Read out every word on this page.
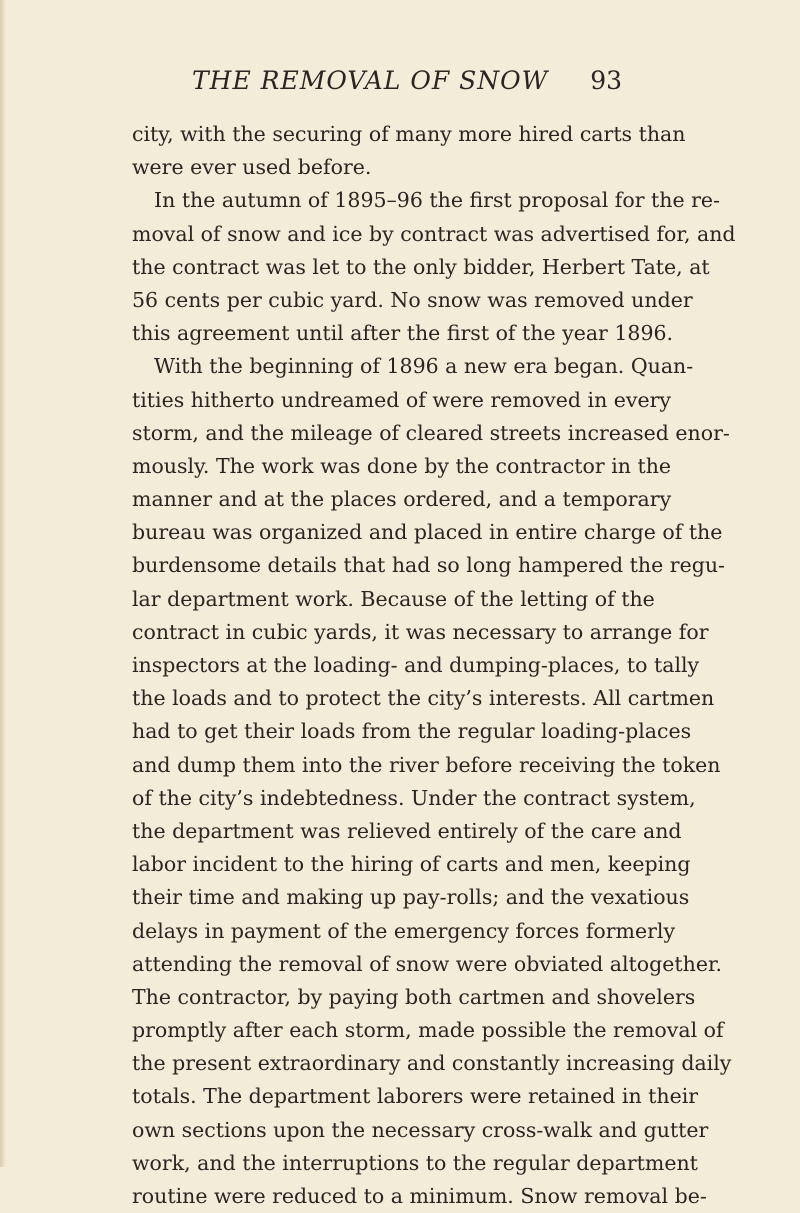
THE REMOVAL OF SNOW 93
city, with the securing of many more hired carts than
were ever used before.
In the autumn of 1895–96 the first proposal for the re-
moval of snow and ice by contract was advertised for, and
the contract was let to the only bidder, Herbert Tate, at
56 cents per cubic yard. No snow was removed under
this agreement until after the first of the year 1896.
With the beginning of 1896 a new era began. Quan-
tities hitherto undreamed of were removed in every
storm, and the mileage of cleared streets increased enor-
mously. The work was done by the contractor in the
manner and at the places ordered, and a temporary
bureau was organized and placed in entire charge of the
burdensome details that had so long hampered the regu-
lar department work. Because of the letting of the
contract in cubic yards, it was necessary to arrange for
inspectors at the loading- and dumping-places, to tally
the loads and to protect the city’s interests. All cartmen
had to get their loads from the regular loading-places
and dump them into the river before receiving the token
of the city’s indebtedness. Under the contract system,
the department was relieved entirely of the care and
labor incident to the hiring of carts and men, keeping
their time and making up pay-rolls; and the vexatious
delays in payment of the emergency forces formerly
attending the removal of snow were obviated altogether.
The contractor, by paying both cartmen and shovelers
promptly after each storm, made possible the removal of
the present extraordinary and constantly increasing daily
totals. The department laborers were retained in their
own sections upon the necessary cross-walk and gutter
work, and the interruptions to the regular department
routine were reduced to a minimum. Snow removal be-
